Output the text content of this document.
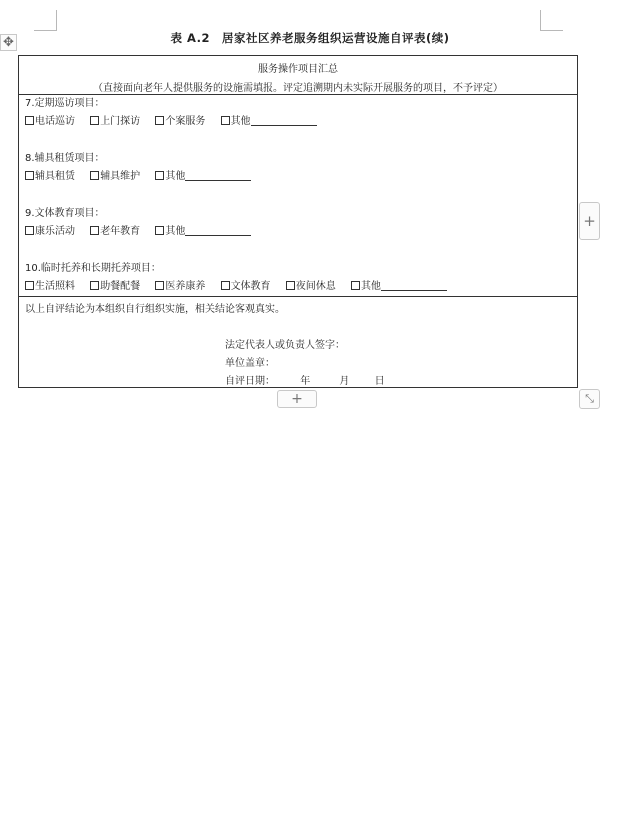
✥	表 A.2　居家社区养老服务组织运营设施自评表(续)
服务操作项目汇总
（直接面向老年人提供服务的设施需填报。评定追溯期内未实际开展服务的项目，不予评定）

7.定期巡访项目：
电话巡访	上门探访	个案服务	其他
8.辅具租赁项目：
辅具租赁	辅具维护	其他
9.文体教育项目：
康乐活动	老年教育	其他
10.临时托养和长期托养项目：
生活照料	助餐配餐	医养康养	文体教育	夜间休息	其他

以上自评结论为本组织自行组织实施，相关结论客观真实。
法定代表人或负责人签字：
单位盖章：
自评日期：	年	月	日
+
+	⤡
